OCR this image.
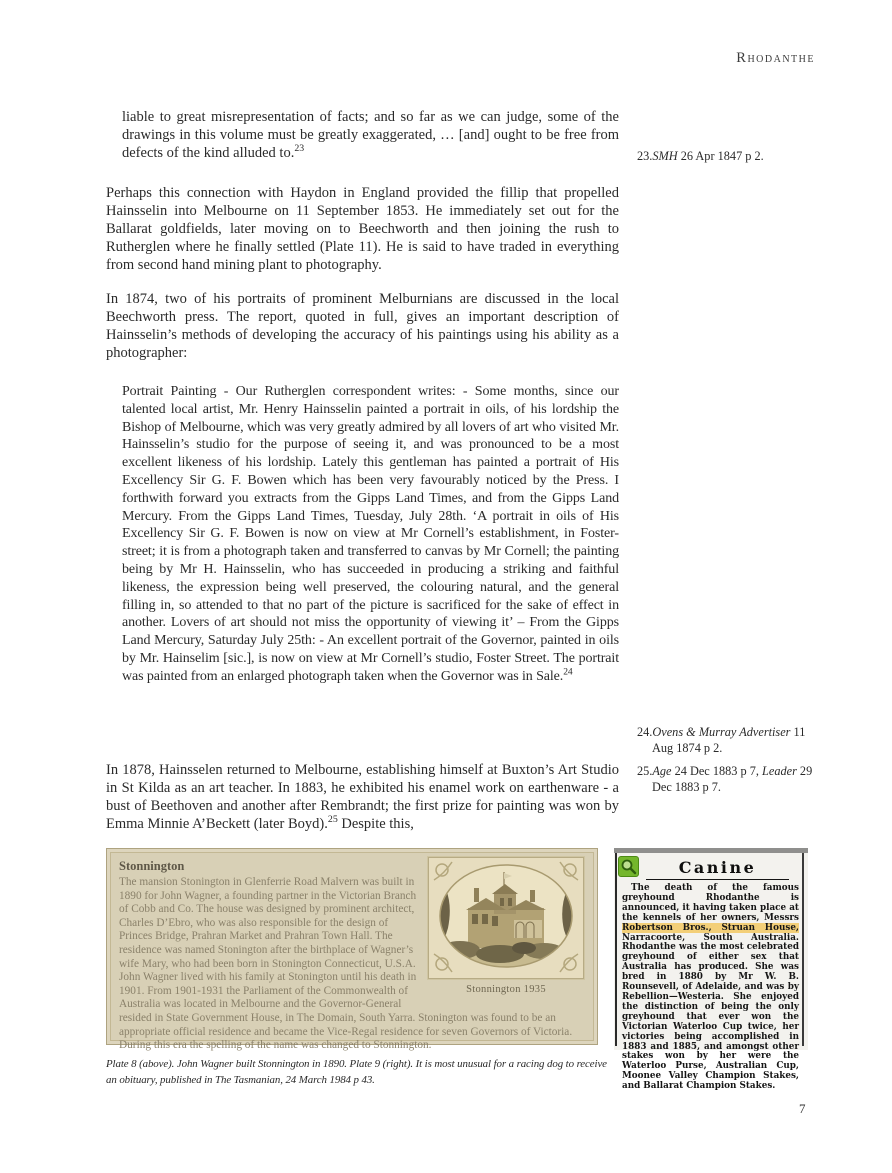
Rhodanthe
liable to great misrepresentation of facts; and so far as we can judge, some of the drawings in this volume must be greatly exaggerated, … [and] ought to be free from defects of the kind alluded to.$^{23}$
23.SMH 26 Apr 1847 p 2.
Perhaps this connection with Haydon in England provided the fillip that propelled Hainsselin into Melbourne on 11 September 1853. He immediately set out for the Ballarat goldfields, later moving on to Beechworth and then joining the rush to Rutherglen where he finally settled (Plate 11). He is said to have traded in everything from second hand mining plant to photography.
In 1874, two of his portraits of prominent Melburnians are discussed in the local Beechworth press. The report, quoted in full, gives an important description of Hainsselin’s methods of developing the accuracy of his paintings using his ability as a photographer:
Portrait Painting - Our Rutherglen correspondent writes: - Some months, since our talented local artist, Mr. Henry Hainsselin painted a portrait in oils, of his lordship the Bishop of Melbourne, which was very greatly admired by all lovers of art who visited Mr. Hainsselin’s studio for the purpose of seeing it, and was pronounced to be a most excellent likeness of his lordship. Lately this gentleman has painted a portrait of His Excellency Sir G. F. Bowen which has been very favourably noticed by the Press. I forthwith forward you extracts from the Gipps Land Times, and from the Gipps Land Mercury. From the Gipps Land Times, Tuesday, July 28th. ‘A portrait in oils of His Excellency Sir G. F. Bowen is now on view at Mr Cornell’s establishment, in Foster-street; it is from a photograph taken and transferred to canvas by Mr Cornell; the painting being by Mr H. Hainsselin, who has succeeded in producing a striking and faithful likeness, the expression being well preserved, the colouring natural, and the general filling in, so attended to that no part of the picture is sacrificed for the sake of effect in another. Lovers of art should not miss the opportunity of viewing it’ – From the Gipps Land Mercury, Saturday July 25th: - An excellent portrait of the Governor, painted in oils by Mr. Hainselim [sic.], is now on view at Mr Cornell’s studio, Foster Street. The portrait was painted from an enlarged photograph taken when the Governor was in Sale.$^{24}$
24.Ovens & Murray Advertiser 11 Aug 1874 p 2.
25.Age 24 Dec 1883 p 7, Leader 29 Dec 1883 p 7.
In 1878, Hainsselen returned to Melbourne, establishing himself at Buxton’s Art Studio in St Kilda as an art teacher. In 1883, he exhibited his enamel work on earthenware - a bust of Beethoven and another after Rembrandt; the first prize for painting was won by Emma Minnie A’Beckett (later Boyd).$^{25}$ Despite this,
Stonnington 1935
Stonnington
The mansion Stonington in Glenferrie Road Malvern was built in 1890 for John Wagner, a founding partner in the Victorian Branch of Cobb and Co. The house was designed by prominent architect, Charles D’Ebro, who was also responsible for the design of Princes Bridge, Prahran Market and Prahran Town Hall. The residence was named Stonington after the birthplace of Wagner’s wife Mary, who had been born in Stonington Connecticut, U.S.A. John Wagner lived with his family at Stonington until his death in 1901. From 1901-1931 the Parliament of the Commonwealth of Australia was located in Melbourne and the Governor-General resided in State Government House, in The Domain, South Yarra. Stonington was found to be an appropriate official residence and became the Vice-Regal residence for seven Governors of Victoria. During this era the spelling of the name was changed to Stonnington.
Canine
The death of the famous greyhound Rhodanthe is announced, it having taken place at the kennels of her owners, Messrs Robertson Bros., Struan House, Narracoorte, South Australia. Rhodanthe was the most celebrated greyhound of either sex that Australia has produced. She was bred in 1880 by Mr W. B. Rounsevell, of Adelaide, and was by Rebellion—Westeria. She enjoyed the distinction of being the only greyhound that ever won the Victorian Waterloo Cup twice, her victories being accomplished in 1883 and 1885, and amongst other stakes won by her were the Waterloo Purse, Australian Cup, Moonee Valley Champion Stakes, and Ballarat Champion Stakes.
Plate 8 (above). John Wagner built Stonnington in 1890. Plate 9 (right). It is most unusual for a racing dog to receive an obituary, published in The Tasmanian, 24 March 1984 p 43.
7
